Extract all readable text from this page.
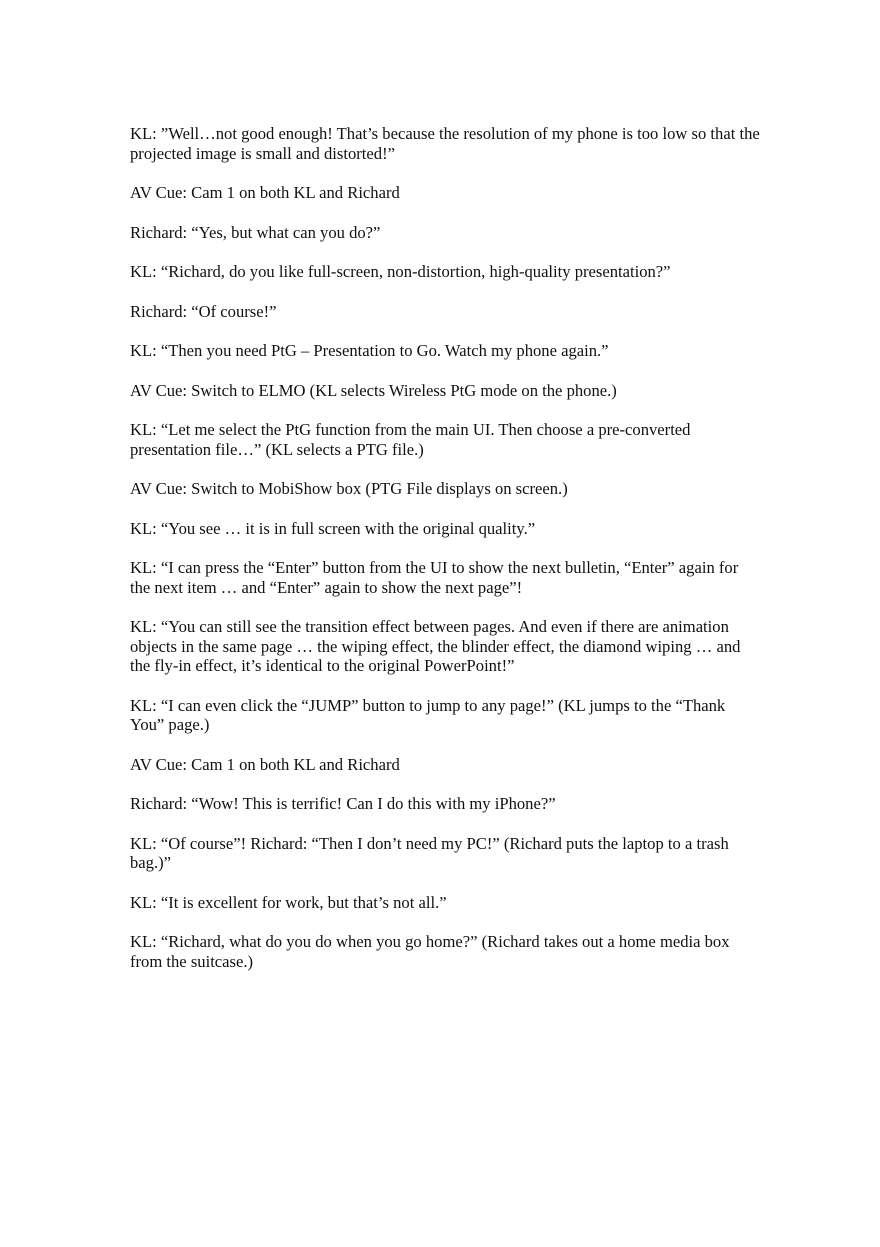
KL: ”Well…not good enough! That’s because the resolution of my phone is too low so that the projected image is small and distorted!”

AV Cue: Cam 1 on both KL and Richard

Richard: “Yes, but what can you do?”

KL: “Richard, do you like full-screen, non-distortion, high-quality presentation?”

Richard: “Of course!”

KL: “Then you need PtG – Presentation to Go. Watch my phone again.”

AV Cue: Switch to ELMO (KL selects Wireless PtG mode on the phone.)

KL: “Let me select the PtG function from the main UI. Then choose a pre-converted presentation file…” (KL selects a PTG file.)

AV Cue: Switch to MobiShow box (PTG File displays on screen.)

KL: “You see … it is in full screen with the original quality.”

KL: “I can press the “Enter” button from the UI to show the next bulletin, “Enter” again for the next item … and “Enter” again to show the next page”!

KL: “You can still see the transition effect between pages. And even if there are animation objects in the same page … the wiping effect, the blinder effect, the diamond wiping … and the fly-in effect, it’s identical to the original PowerPoint!”

KL: “I can even click the “JUMP” button to jump to any page!” (KL jumps to the “Thank You” page.)

AV Cue: Cam 1 on both KL and Richard

Richard: “Wow! This is terrific! Can I do this with my iPhone?”

KL: “Of course”! Richard: “Then I don’t need my PC!” (Richard puts the laptop to a trash bag.)”

KL: “It is excellent for work, but that’s not all.”

KL: “Richard, what do you do when you go home?” (Richard takes out a home media box from the suitcase.)
